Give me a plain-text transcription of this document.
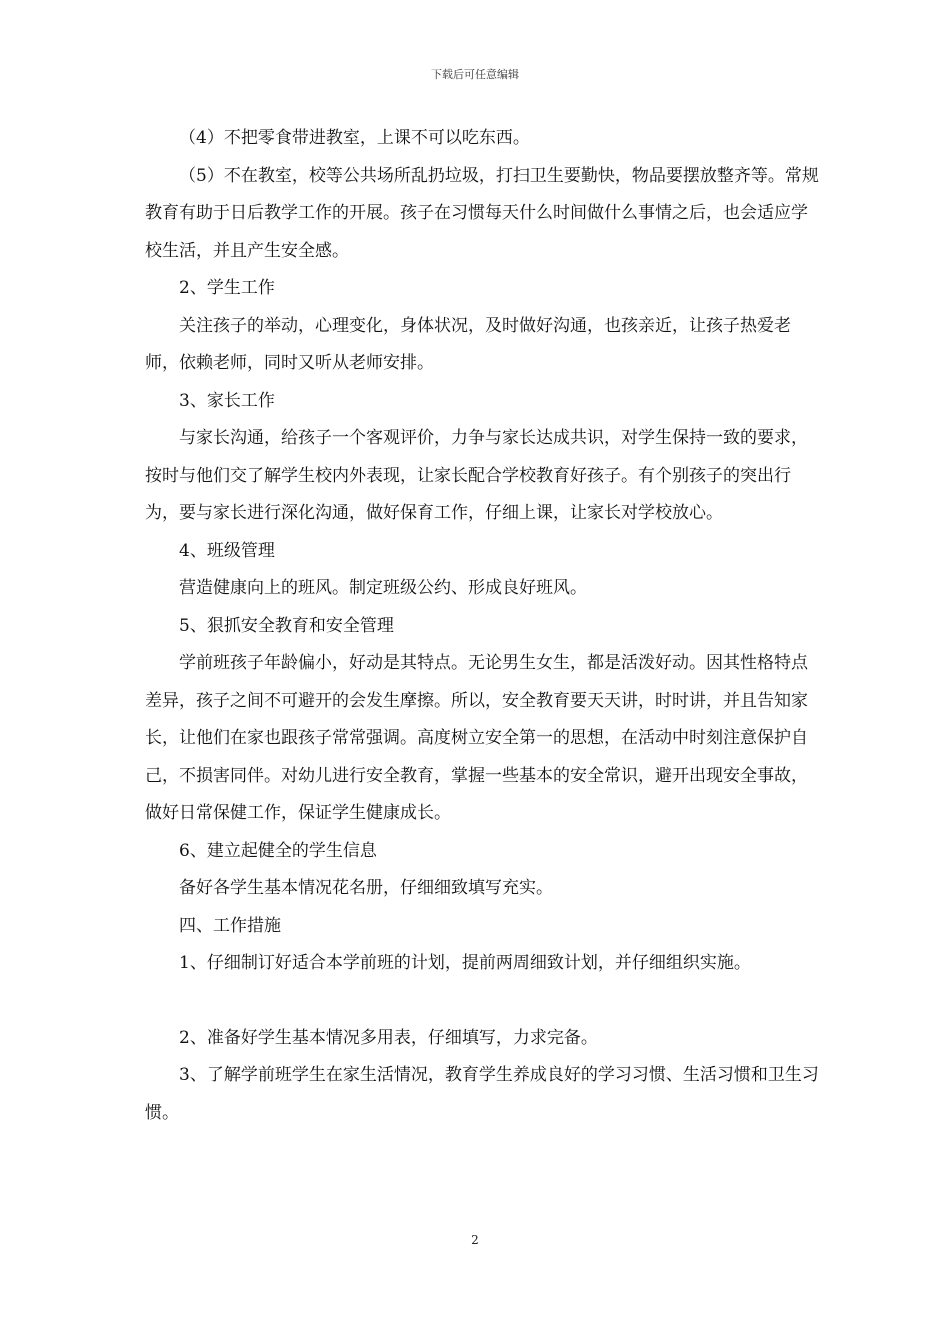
下载后可任意编辑

（4）不把零食带进教室，上课不可以吃东西。

（5）不在教室，校等公共场所乱扔垃圾，打扫卫生要勤快，物品要摆放整齐等。常规教育有助于日后教学工作的开展。孩子在习惯每天什么时间做什么事情之后，也会适应学校生活，并且产生安全感。

2、学生工作

关注孩子的举动，心理变化，身体状况，及时做好沟通，也孩亲近，让孩子热爱老师，依赖老师，同时又听从老师安排。

3、家长工作

与家长沟通，给孩子一个客观评价，力争与家长达成共识，对学生保持一致的要求，按时与他们交了解学生校内外表现，让家长配合学校教育好孩子。有个别孩子的突出行为，要与家长进行深化沟通，做好保育工作，仔细上课，让家长对学校放心。

4、班级管理

营造健康向上的班风。制定班级公约、形成良好班风。

5、狠抓安全教育和安全管理

学前班孩子年龄偏小，好动是其特点。无论男生女生，都是活泼好动。因其性格特点差异，孩子之间不可避开的会发生摩擦。所以，安全教育要天天讲，时时讲，并且告知家长，让他们在家也跟孩子常常强调。高度树立安全第一的思想，在活动中时刻注意保护自己，不损害同伴。对幼儿进行安全教育，掌握一些基本的安全常识，避开出现安全事故，做好日常保健工作，保证学生健康成长。

6、建立起健全的学生信息

备好各学生基本情况花名册，仔细细致填写充实。

四、工作措施

1、仔细制订好适合本学前班的计划，提前两周细致计划，并仔细组织实施。

2、准备好学生基本情况多用表，仔细填写，力求完备。

3、了解学前班学生在家生活情况，教育学生养成良好的学习习惯、生活习惯和卫生习惯。

2
